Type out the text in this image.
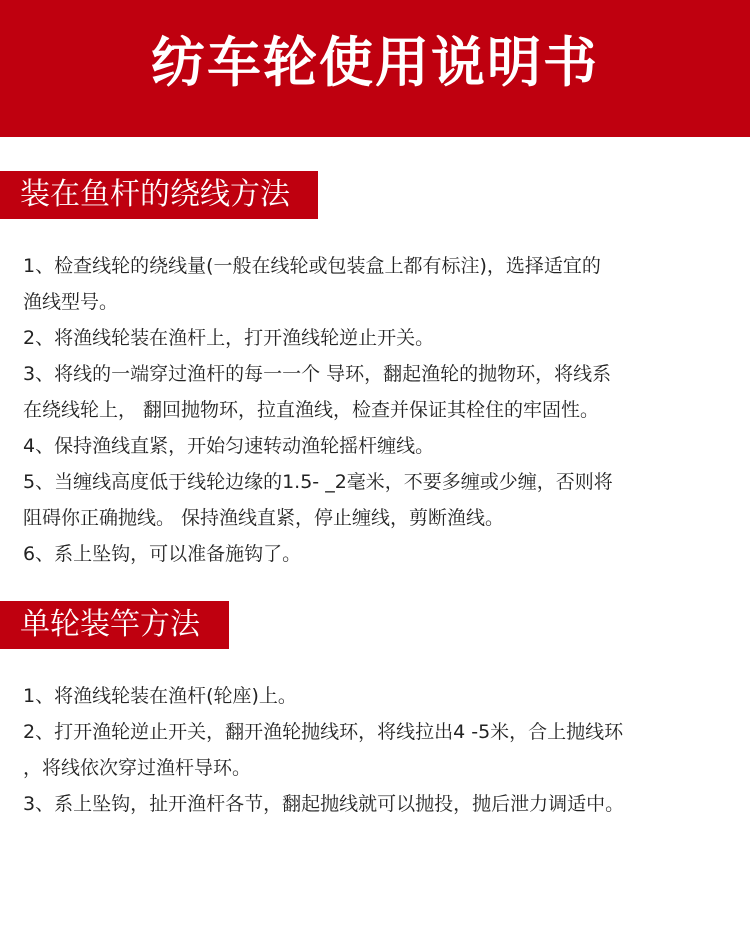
纺车轮使用说明书
装在鱼杆的绕线方法
1、检查线轮的绕线量(一般在线轮或包装盒上都有标注)，选择适宜的
渔线型号。
2、将渔线轮装在渔杆上，打开渔线轮逆止开关。
3、将线的一端穿过渔杆的每一一个 导环，翻起渔轮的抛物环，将线系
在绕线轮上， 翻回抛物环，拉直渔线，检查并保证其栓住的牢固性。
4、保持渔线直紧，开始匀速转动渔轮摇杆缠线。
5、当缠线高度低于线轮边缘的1.5- _2毫米，不要多缠或少缠，否则将
阻碍你正确抛线。 保持渔线直紧，停止缠线，剪断渔线。
6、系上坠钩，可以准备施钩了。
单轮装竿方法
1、将渔线轮装在渔杆(轮座)上。
2、打开渔轮逆止开关，翻开渔轮抛线环，将线拉出4 -5米，合上抛线环
，将线依次穿过渔杆导环。
3、系上坠钩，扯开渔杆各节，翻起抛线就可以抛投，抛后泄力调适中。
